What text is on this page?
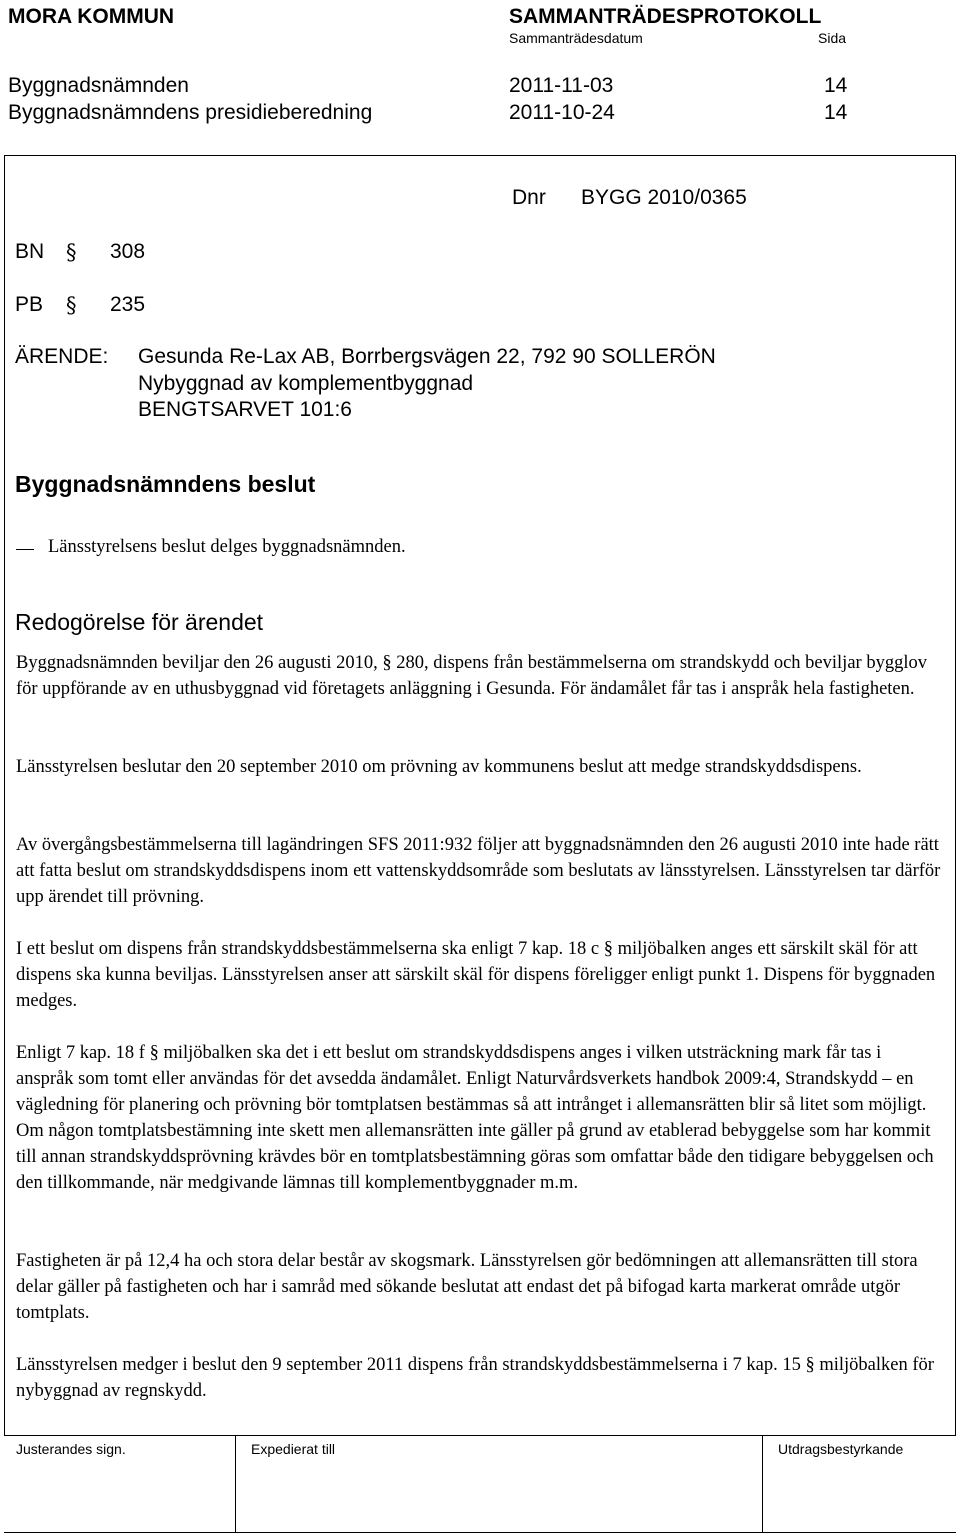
MORA KOMMUN	SAMMANTRÄDESPROTOKOLL
Sammanträdesdatum	Sida
Byggnadsnämnden	2011-11-03	14
Byggnadsnämndens presidieberedning	2011-10-24	14
Dnr BYGG 2010/0365
BN § 308
PB § 235
ÄRENDE: Gesunda Re-Lax AB, Borrbergsvägen 22, 792 90 SOLLERÖN
Nybyggnad av komplementbyggnad
BENGTSARVET 101:6
Byggnadsnämndens beslut
Länsstyrelsens beslut delges byggnadsnämnden.
Redogörelse för ärendet

Byggnadsnämnden beviljar den 26 augusti 2010, § 280, dispens från bestämmelserna om strandskydd och beviljar bygglov för uppförande av en uthusbyggnad vid företagets anläggning i Gesunda. För ändamålet får tas i anspråk hela fastigheten.

Länsstyrelsen beslutar den 20 september 2010 om prövning av kommunens beslut att medge strandskyddsdispens.

Av övergångsbestämmelserna till lagändringen SFS 2011:932 följer att byggnadsnämnden den 26 augusti 2010 inte hade rätt att fatta beslut om strandskyddsdispens inom ett vattenskyddsområde som beslutats av länsstyrelsen. Länsstyrelsen tar därför upp ärendet till prövning.

I ett beslut om dispens från strandskyddsbestämmelserna ska enligt 7 kap. 18 c § miljöbalken anges ett särskilt skäl för att dispens ska kunna beviljas. Länsstyrelsen anser att särskilt skäl för dispens föreligger enligt punkt 1. Dispens för byggnaden medges.

Enligt 7 kap. 18 f § miljöbalken ska det i ett beslut om strandskyddsdispens anges i vilken utsträckning mark får tas i anspråk som tomt eller användas för det avsedda ändamålet. Enligt Naturvårdsverkets handbok 2009:4, Strandskydd – en vägledning för planering och prövning bör tomtplatsen bestämmas så att intrånget i allemansrätten blir så litet som möjligt. Om någon tomtplatsbestämning inte skett men allemansrätten inte gäller på grund av etablerad bebyggelse som har kommit till annan strandskyddsprövning krävdes bör en tomtplatsbestämning göras som omfattar både den tidigare bebyggelsen och den tillkommande, när medgivande lämnas till komplementbyggnader m.m.

Fastigheten är på 12,4 ha och stora delar består av skogsmark. Länsstyrelsen gör bedömningen att allemansrätten till stora delar gäller på fastigheten och har i samråd med sökande beslutat att endast det på bifogad karta markerat område utgör tomtplats.

Länsstyrelsen medger i beslut den 9 september 2011 dispens från strandskyddsbestämmelserna i 7 kap. 15 § miljöbalken för nybyggnad av regnskydd.

Justerandes sign.	Expedierat till	Utdragsbestyrkande
